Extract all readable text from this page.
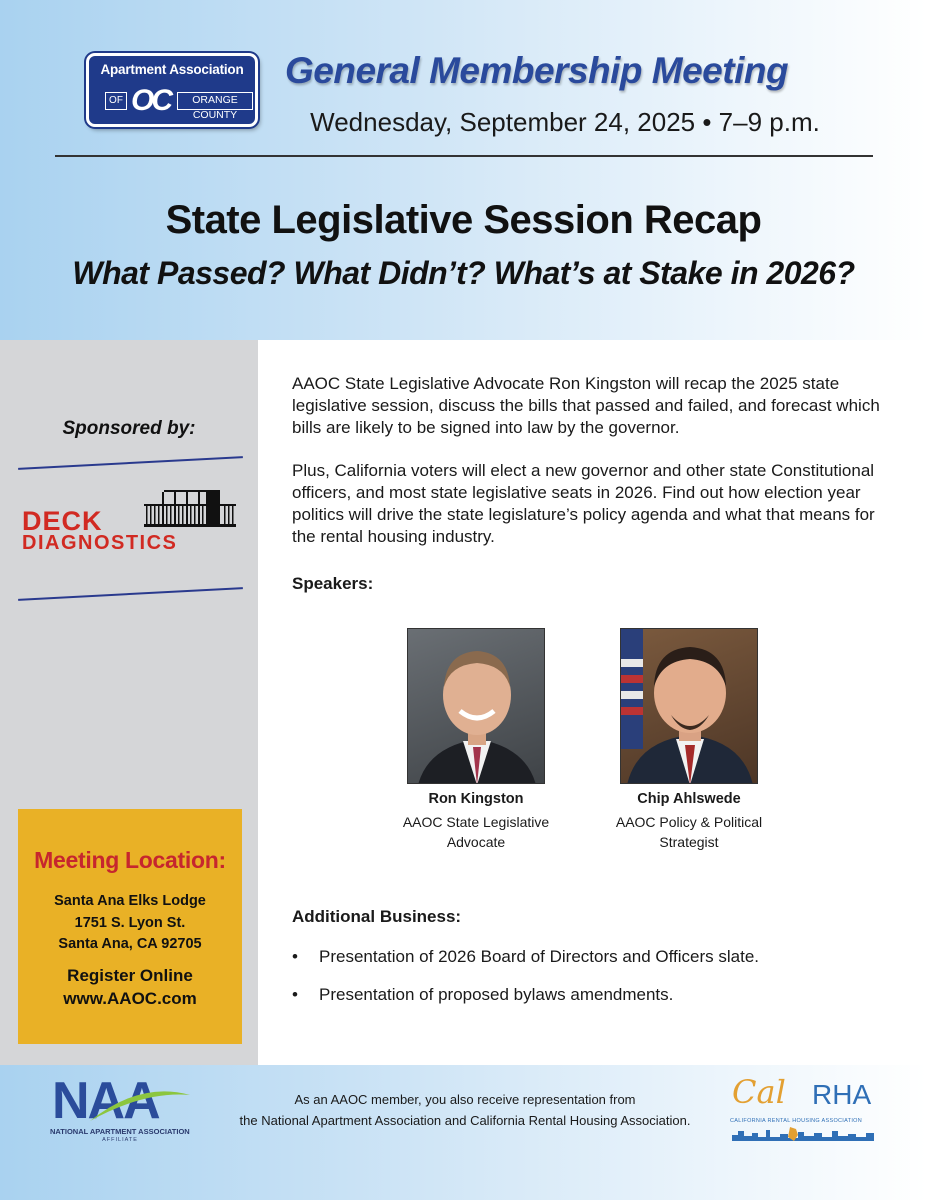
Apartment Association
OF OC	ORANGE COUNTY
General Membership Meeting
Wednesday, September 24, 2025 • 7–9 p.m.
State Legislative Session Recap
What Passed? What Didn’t? What’s at Stake in 2026?
Sponsored by:
DECK
DIAGNOSTICS
Meeting Location:
Santa Ana Elks Lodge
1751 S. Lyon St.
Santa Ana, CA 92705
Register Online
www.AAOC.com

AAOC State Legislative Advocate Ron Kingston will recap the 2025 state legislative session, discuss the bills that passed and failed, and forecast which bills are likely to be signed into law by the governor.

Plus, California voters will elect a new governor and other state Constitutional officers, and most state legislative seats in 2026. Find out how election year politics will drive the state legislature’s policy agenda and what that means for the rental housing industry.

Speakers:
Ron Kingston
AAOC State Legislative
Advocate
Chip Ahlswede
AAOC Policy & Political
Strategist
Additional Business:
• Presentation of 2026 Board of Directors and Officers slate.
• Presentation of proposed bylaws amendments.
NAA
NATIONAL APARTMENT ASSOCIATION
AFFILIATE
As an AAOC member, you also receive representation from
the National Apartment Association and California Rental Housing Association.
Cal RHA
CALIFORNIA RENTAL HOUSING ASSOCIATION
